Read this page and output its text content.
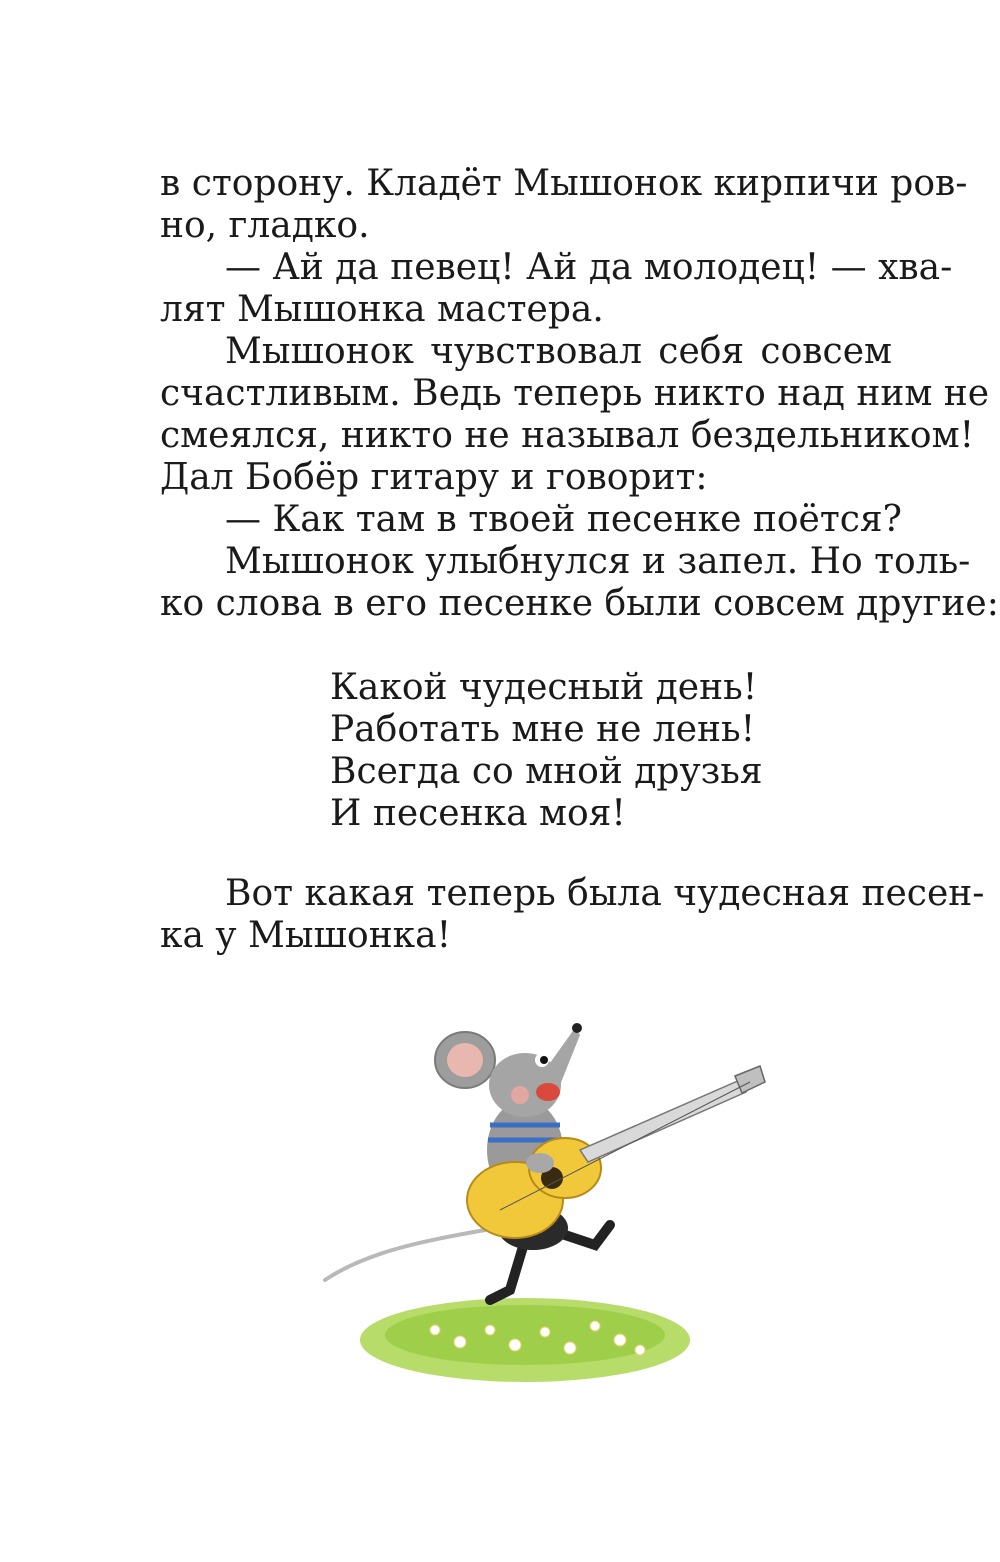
в сторону. Кладёт Мышонок кирпичи ров-
но, гладко.
— Ай да певец! Ай да молодец! — хва-
лят Мышонка мастера.
Мышонок чувствовал себя совсем
счастливым. Ведь теперь никто над ним не
смеялся, никто не называл бездельником!
Дал Бобёр гитару и говорит:
— Как там в твоей песенке поётся?
Мышонок улыбнулся и запел. Но толь-
ко слова в его песенке были совсем другие:
Вот какая теперь была чудесная песен-
ка у Мышонка!
Какой чудесный день!
Работать мне не лень!
Всегда со мной друзья
И песенка моя!
